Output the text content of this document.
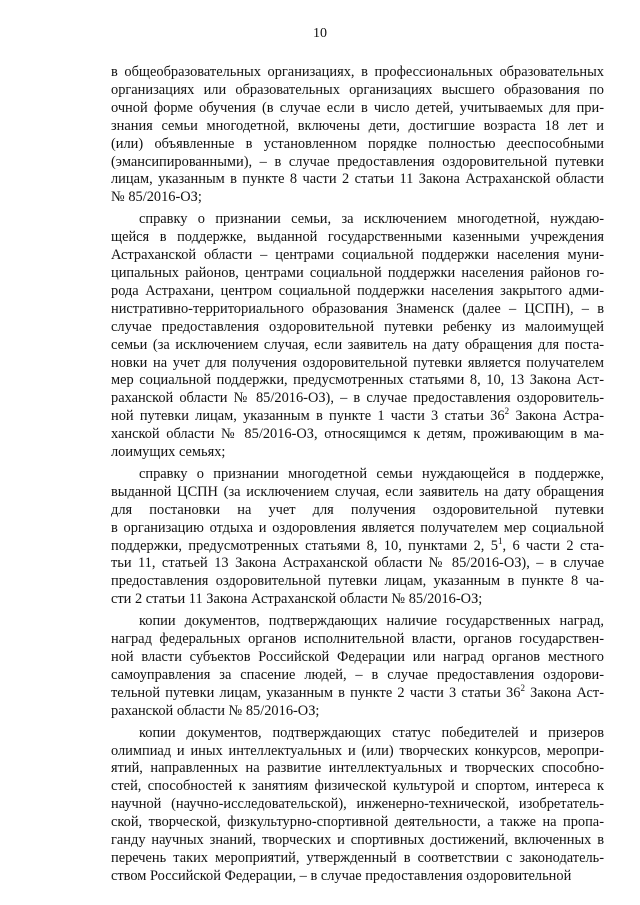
10
в общеобразовательных организациях, в профессиональных образовательных
организациях или образовательных организациях высшего образования по
очной форме обучения (в случае если в число детей, учитываемых для при-
знания семьи многодетной, включены дети, достигшие возраста 18 лет и
(или) объявленные в установленном порядке полностью дееспособными
(эмансипированными), – в случае предоставления оздоровительной путевки
лицам, указанным в пункте 8 части 2 статьи 11 Закона Астраханской области
№ 85/2016-ОЗ;
справку о признании семьи, за исключением многодетной, нуждаю-
щейся в поддержке, выданной государственными казенными учреждения
Астраханской области – центрами социальной поддержки населения муни-
ципальных районов, центрами социальной поддержки населения районов го-
рода Астрахани, центром социальной поддержки населения закрытого адми-
нистративно-территориального образования Знаменск (далее – ЦСПН), – в
случае предоставления оздоровительной путевки ребенку из малоимущей
семьи (за исключением случая, если заявитель на дату обращения для поста-
новки на учет для получения оздоровительной путевки является получателем
мер социальной поддержки, предусмотренных статьями 8, 10, 13 Закона Аст-
раханской области № 85/2016-ОЗ), – в случае предоставления оздоровитель-
ной путевки лицам, указанным в пункте 1 части 3 статьи $36^2$ Закона Астра-
ханской области № 85/2016-ОЗ, относящимся к детям, проживающим в ма-
лоимущих семьях;
справку о признании многодетной семьи нуждающейся в поддержке,
выданной ЦСПН (за исключением случая, если заявитель на дату обращения
для постановки на учет для получения оздоровительной путевки
в организацию отдыха и оздоровления является получателем мер социальной
поддержки, предусмотренных статьями 8, 10, пунктами 2, $5^1$, 6 части 2 ста-
тьи 11, статьей 13 Закона Астраханской области № 85/2016-ОЗ), – в случае
предоставления оздоровительной путевки лицам, указанным в пункте 8 ча-
сти 2 статьи 11 Закона Астраханской области № 85/2016-ОЗ;
копии документов, подтверждающих наличие государственных наград,
наград федеральных органов исполнительной власти, органов государствен-
ной власти субъектов Российской Федерации или наград органов местного
самоуправления за спасение людей, – в случае предоставления оздорови-
тельной путевки лицам, указанным в пункте 2 части 3 статьи $36^2$ Закона Аст-
раханской области № 85/2016-ОЗ;
копии документов, подтверждающих статус победителей и призеров
олимпиад и иных интеллектуальных и (или) творческих конкурсов, меропри-
ятий, направленных на развитие интеллектуальных и творческих способно-
стей, способностей к занятиям физической культурой и спортом, интереса к
научной (научно-исследовательской), инженерно-технической, изобретатель-
ской, творческой, физкультурно-спортивной деятельности, а также на пропа-
ганду научных знаний, творческих и спортивных достижений, включенных в
перечень таких мероприятий, утвержденный в соответствии с законодатель-
ством Российской Федерации, – в случае предоставления оздоровительной
